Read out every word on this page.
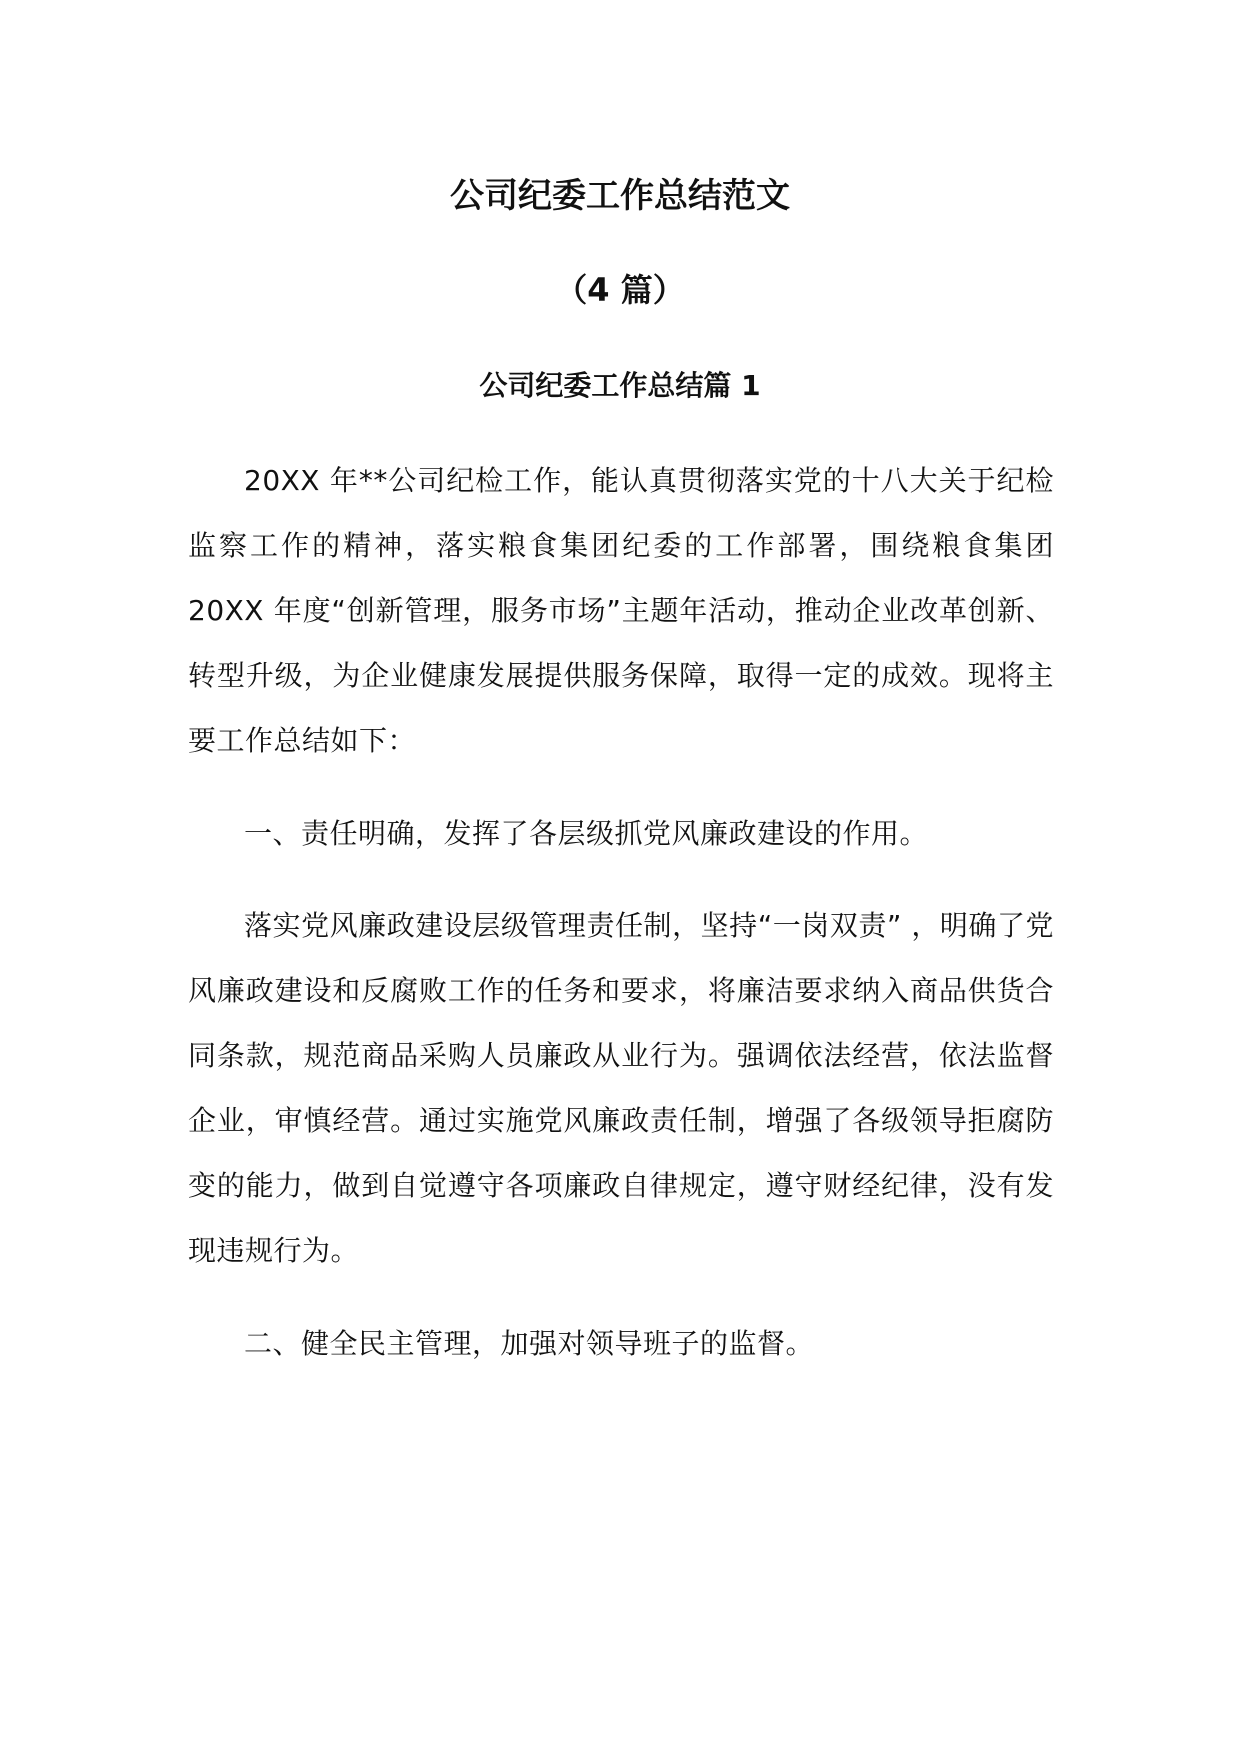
公司纪委工作总结范文
（4 篇）
公司纪委工作总结篇 1

20XX 年**公司纪检工作，能认真贯彻落实党的十八大关于纪检监察工作的精神，落实粮食集团纪委的工作部署，围绕粮食集团 20XX 年度“创新管理，服务市场”主题年活动，推动企业改革创新、转型升级，为企业健康发展提供服务保障，取得一定的成效。现将主要工作总结如下：

一、责任明确，发挥了各层级抓党风廉政建设的作用。

落实党风廉政建设层级管理责任制，坚持“一岗双责” ，明确了党风廉政建设和反腐败工作的任务和要求，将廉洁要求纳入商品供货合同条款，规范商品采购人员廉政从业行为。强调依法经营，依法监督企业，审慎经营。通过实施党风廉政责任制，增强了各级领导拒腐防变的能力，做到自觉遵守各项廉政自律规定，遵守财经纪律，没有发现违规行为。

二、健全民主管理，加强对领导班子的监督。
